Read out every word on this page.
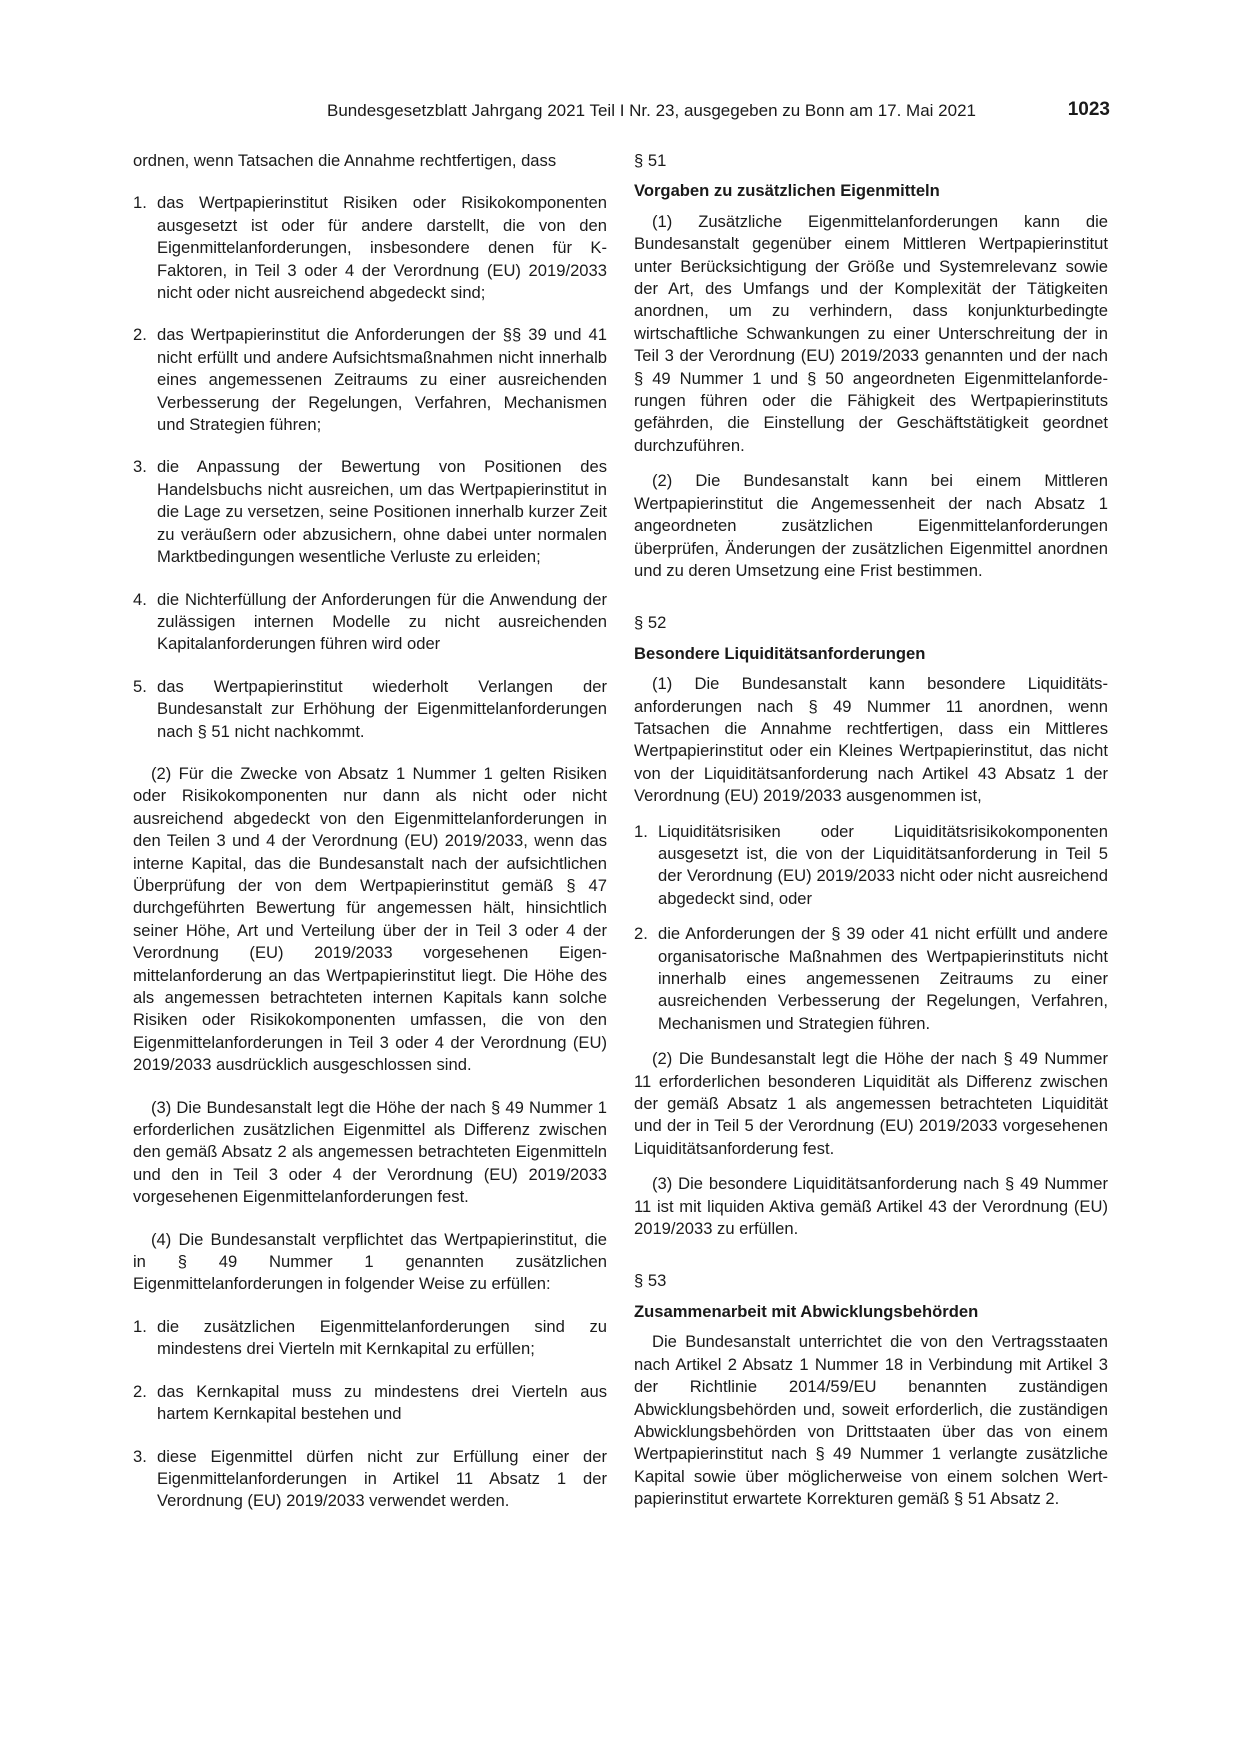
Bundesgesetzblatt Jahrgang 2021 Teil I Nr. 23, ausgegeben zu Bonn am 17. Mai 2021	1023

ordnen, wenn Tatsachen die Annahme rechtfertigen, dass

1. das Wertpapierinstitut Risiken oder Risikokomponenten ausgesetzt ist oder für andere darstellt, die von den Eigenmittelanforderungen, insbesondere denen für K-Faktoren, in Teil 3 oder 4 der Verordnung (EU) 2019/2033 nicht oder nicht ausreichend abgedeckt sind;
2. das Wertpapierinstitut die Anforderungen der §§ 39 und 41 nicht erfüllt und andere Aufsichtsmaßnahmen nicht innerhalb eines angemessenen Zeitraums zu einer ausreichenden Verbesserung der Regelungen, Verfahren, Mechanismen und Strategien führen;
3. die Anpassung der Bewertung von Positionen des Handelsbuchs nicht ausreichen, um das Wertpapierinstitut in die Lage zu versetzen, seine Positionen innerhalb kurzer Zeit zu veräußern oder abzusichern, ohne dabei unter normalen Marktbedingungen wesentliche Verluste zu erleiden;
4. die Nichterfüllung der Anforderungen für die Anwendung der zulässigen internen Modelle zu nicht ausreichenden Kapitalanforderungen führen wird oder
5. das Wertpapierinstitut wiederholt Verlangen der Bundesanstalt zur Erhöhung der Eigenmittelanforderungen nach § 51 nicht nachkommt.

(2) Für die Zwecke von Absatz 1 Nummer 1 gelten Risiken oder Risikokomponenten nur dann als nicht oder nicht ausreichend abgedeckt von den Eigenmittelanforderungen in den Teilen 3 und 4 der Verordnung (EU) 2019/2033, wenn das interne Kapital, das die Bundesanstalt nach der aufsichtlichen Überprüfung der von dem Wertpapierinstitut gemäß § 47 durchgeführten Bewertung für angemessen hält, hinsichtlich seiner Höhe, Art und Verteilung über der in Teil 3 oder 4 der Verordnung (EU) 2019/2033 vorgesehenen Eigenmittelanforderung an das Wertpapierinstitut liegt. Die Höhe des als angemessen betrachteten internen Kapitals kann solche Risiken oder Risikokomponenten umfassen, die von den Eigenmittelanforderungen in Teil 3 oder 4 der Verordnung (EU) 2019/2033 ausdrücklich ausgeschlossen sind.

(3) Die Bundesanstalt legt die Höhe der nach § 49 Nummer 1 erforderlichen zusätzlichen Eigenmittel als Differenz zwischen den gemäß Absatz 2 als angemessen betrachteten Eigenmitteln und den in Teil 3 oder 4 der Verordnung (EU) 2019/2033 vorgesehenen Eigenmittelanforderungen fest.

(4) Die Bundesanstalt verpflichtet das Wertpapierinstitut, die in § 49 Nummer 1 genannten zusätzlichen Eigenmittelanforderungen in folgender Weise zu erfüllen:

1. die zusätzlichen Eigenmittelanforderungen sind zu mindestens drei Vierteln mit Kernkapital zu erfüllen;
2. das Kernkapital muss zu mindestens drei Vierteln aus hartem Kernkapital bestehen und
3. diese Eigenmittel dürfen nicht zur Erfüllung einer der Eigenmittelanforderungen in Artikel 11 Absatz 1 der Verordnung (EU) 2019/2033 verwendet werden.

§ 51

Vorgaben zu zusätzlichen Eigenmitteln

(1) Zusätzliche Eigenmittelanforderungen kann die Bundesanstalt gegenüber einem Mittleren Wertpapierinstitut unter Berücksichtigung der Größe und Systemrelevanz sowie der Art, des Umfangs und der Komplexität der Tätigkeiten anordnen, um zu verhindern, dass konjunkturbedingte wirtschaftliche Schwankungen zu einer Unterschreitung der in Teil 3 der Verordnung (EU) 2019/2033 genannten und der nach § 49 Nummer 1 und § 50 angeordneten Eigenmittelanforderungen führen oder die Fähigkeit des Wertpapierinstituts gefährden, die Einstellung der Geschäftstätigkeit geordnet durchzuführen.

(2) Die Bundesanstalt kann bei einem Mittleren Wertpapierinstitut die Angemessenheit der nach Absatz 1 angeordneten zusätzlichen Eigenmittelanforderungen überprüfen, Änderungen der zusätzlichen Eigenmittel anordnen und zu deren Umsetzung eine Frist bestimmen.

§ 52

Besondere Liquiditätsanforderungen

(1) Die Bundesanstalt kann besondere Liquiditätsanforderungen nach § 49 Nummer 11 anordnen, wenn Tatsachen die Annahme rechtfertigen, dass ein Mittleres Wertpapierinstitut oder ein Kleines Wertpapierinstitut, das nicht von der Liquiditätsanforderung nach Artikel 43 Absatz 1 der Verordnung (EU) 2019/2033 ausgenommen ist,

1. Liquiditätsrisiken oder Liquiditätsrisikokomponenten ausgesetzt ist, die von der Liquiditätsanforderung in Teil 5 der Verordnung (EU) 2019/2033 nicht oder nicht ausreichend abgedeckt sind, oder
2. die Anforderungen der § 39 oder 41 nicht erfüllt und andere organisatorische Maßnahmen des Wertpapierinstituts nicht innerhalb eines angemessenen Zeitraums zu einer ausreichenden Verbesserung der Regelungen, Verfahren, Mechanismen und Strategien führen.

(2) Die Bundesanstalt legt die Höhe der nach § 49 Nummer 11 erforderlichen besonderen Liquidität als Differenz zwischen der gemäß Absatz 1 als angemessen betrachteten Liquidität und der in Teil 5 der Verordnung (EU) 2019/2033 vorgesehenen Liquiditätsanforderung fest.

(3) Die besondere Liquiditätsanforderung nach § 49 Nummer 11 ist mit liquiden Aktiva gemäß Artikel 43 der Verordnung (EU) 2019/2033 zu erfüllen.

§ 53

Zusammenarbeit mit Abwicklungsbehörden

Die Bundesanstalt unterrichtet die von den Vertragsstaaten nach Artikel 2 Absatz 1 Nummer 18 in Verbindung mit Artikel 3 der Richtlinie 2014/59/EU benannten zuständigen Abwicklungsbehörden und, soweit erforderlich, die zuständigen Abwicklungsbehörden von Drittstaaten über das von einem Wertpapierinstitut nach § 49 Nummer 1 verlangte zusätzliche Kapital sowie über möglicherweise von einem solchen Wertpapierinstitut erwartete Korrekturen gemäß § 51 Absatz 2.
